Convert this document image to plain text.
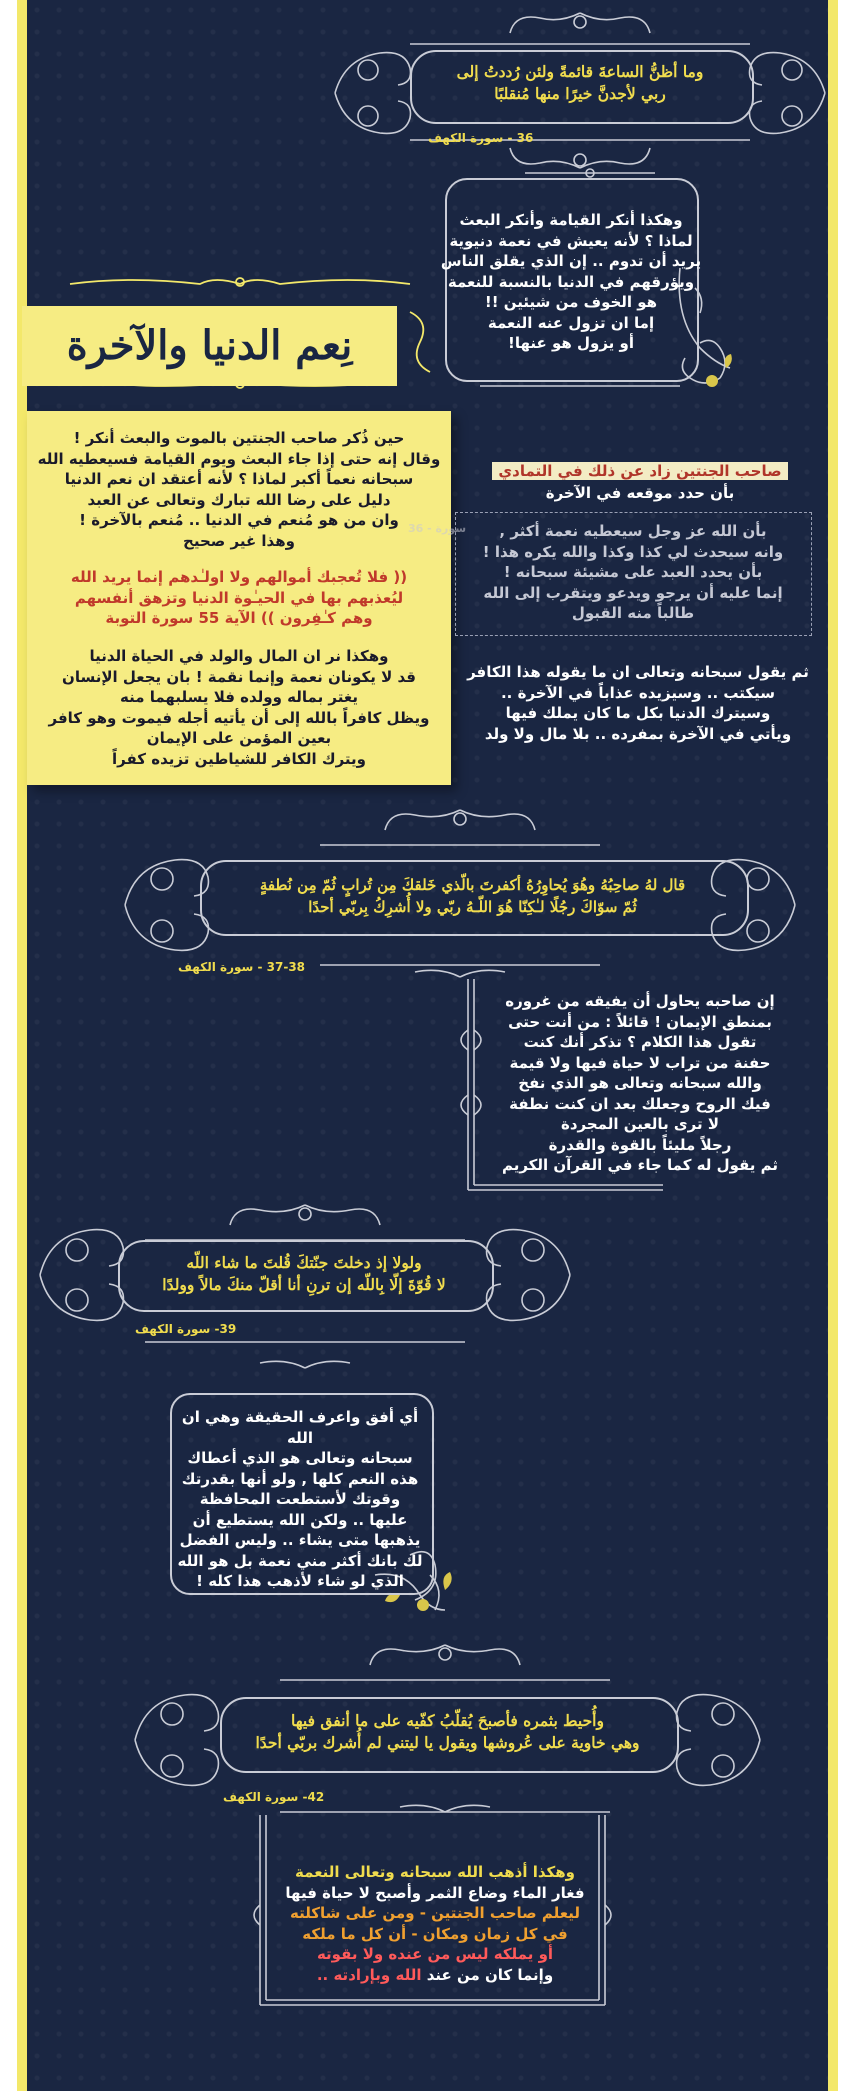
وما أظنُّ الساعةَ قائمةً ولئن رُددتُ إلى
ربي لأجدنَّ خيرًا منها مُنقلبًا
36 - سورة الكهف
وهكذا أنكر القيامة وأنكر البعث
لماذا ؟ لأنه يعيش في نعمة دنيوية
يريد أن تدوم .. إن الذي يقلق الناس
ويؤرقهم في الدنيا بالنسبة للنعمة
هو الخوف من شيئين !!
إما ان تزول عنه النعمة
أو يزول هو عنها!
نِعم الدنيا والآخرة
حين ذُكر صاحب الجنتين بالموت والبعث أنكر !
وقال إنه حتى إذا جاء البعث ويوم القيامة فسيعطيه الله
سبحانه نعماً أكبر لماذا ؟ لأنه أعتقد ان نعم الدنيا
دليل على رضا الله تبارك وتعالى عن العبد
وان من هو مُنعم في الدنيا .. مُنعم بالآخرة !
وهذا غير صحيح
(( فلا تُعجبك أموالهم ولا اولـٰدهم إنما يريد الله
ليُعذبهم بها في الحيـٰوة الدنيا وتزهق أنفسهم
وهم كـٰفِرون )) الآية 55 سورة التوبة
وهكذا نر ان المال والولد في الحياة الدنيا
قد لا يكونان نعمة وإنما نقمة ! بان يجعل الإنسان
يغتر بماله وولده فلا يسلبهما منه
ويظل كافراً بالله إلى أن يأتيه أجله فيموت وهو كافر
بعين المؤمن على الإيمان
ويترك الكافر للشياطين تزيده كفراً
36 - سورة
صاحب الجنتين زاد عن ذلك في التمادي
بأن حدد موقعه في الآخرة
بأن الله عز وجل سيعطيه نعمة أكثر ,
وانه سيحدث لي كذا وكذا والله يكره هذا !
بأن يحدد العبد على مشيئة سبحانه !
إنما عليه أن يرجو ويدعو ويتقرب إلى الله
طالباً منه القبول
ثم يقول سبحانه وتعالى ان ما يقوله هذا الكافر
سيكتب .. وسيزيده عذاباً في الآخرة ..
وسيترك الدنيا بكل ما كان يملك فيها
ويأتي في الآخرة بمفرده .. بلا مال ولا ولد
قال لهُ صاحِبُهُ وهُوَ يُحاوِرُهُ أكفرتَ بالّذي خَلقكَ مِن تُرابٍ ثُمّ مِن نُطفةٍ
ثُمّ سوّاكَ رجُلًا لـٰكِنّا هُوَ اللّـهُ ربّي ولا أُشرِكُ بِربّي أحدًا
37-38 - سورة الكهف
إن صاحبه يحاول أن يفيقه من غروره
بمنطق الإيمان ! قائلاً : من أنت حتى
تقول هذا الكلام ؟ تذكر أنك كنت
حفنة من تراب لا حياة فيها ولا قيمة
والله سبحانه وتعالى هو الذي نفخ
فيك الروح وجعلك بعد ان كنت نطفة
لا ترى بالعين المجردة
رجلاً مليئاً بالقوة والقدرة
ثم يقول له كما جاء في القرآن الكريم
ولولا إذ دخلتَ جنّتكَ قُلتَ ما شاء اللّه
لا قُوّةَ إلّا بِاللّه إن ترنِ أنا أقلّ منكَ مالاً وولدًا
39- سورة الكهف
أي أفق واعرف الحقيقة وهي ان الله
سبحانه وتعالى هو الذي أعطاك
هذه النعم كلها , ولو أنها بقدرتك
وقوتك لأستطعت المحافظة
عليها .. ولكن الله يستطيع أن
يذهبها متى يشاء .. وليس الفضل
لك بانك أكثر مني نعمة بل هو الله
الذي لو شاء لأذهب هذا كله !
وأُحيط بثمره فأصبحَ يُقلّبُ كفّيه على ما أنفق فيها
وهي خاوية على عُروشها ويقول يا ليتني لم أُشرك بربّي أحدًا
42- سورة الكهف
وهكذا أذهب الله سبحانه وتعالى النعمة
فغار الماء وضاع الثمر وأصبح لا حياة فيها
ليعلم صاحب الجنتين - ومن على شاكلته
في كل زمان ومكان - أن كل ما ملكه
أو يملكه ليس من عنده ولا بقوته
وإنما كان من عند الله وبإرادته ..
